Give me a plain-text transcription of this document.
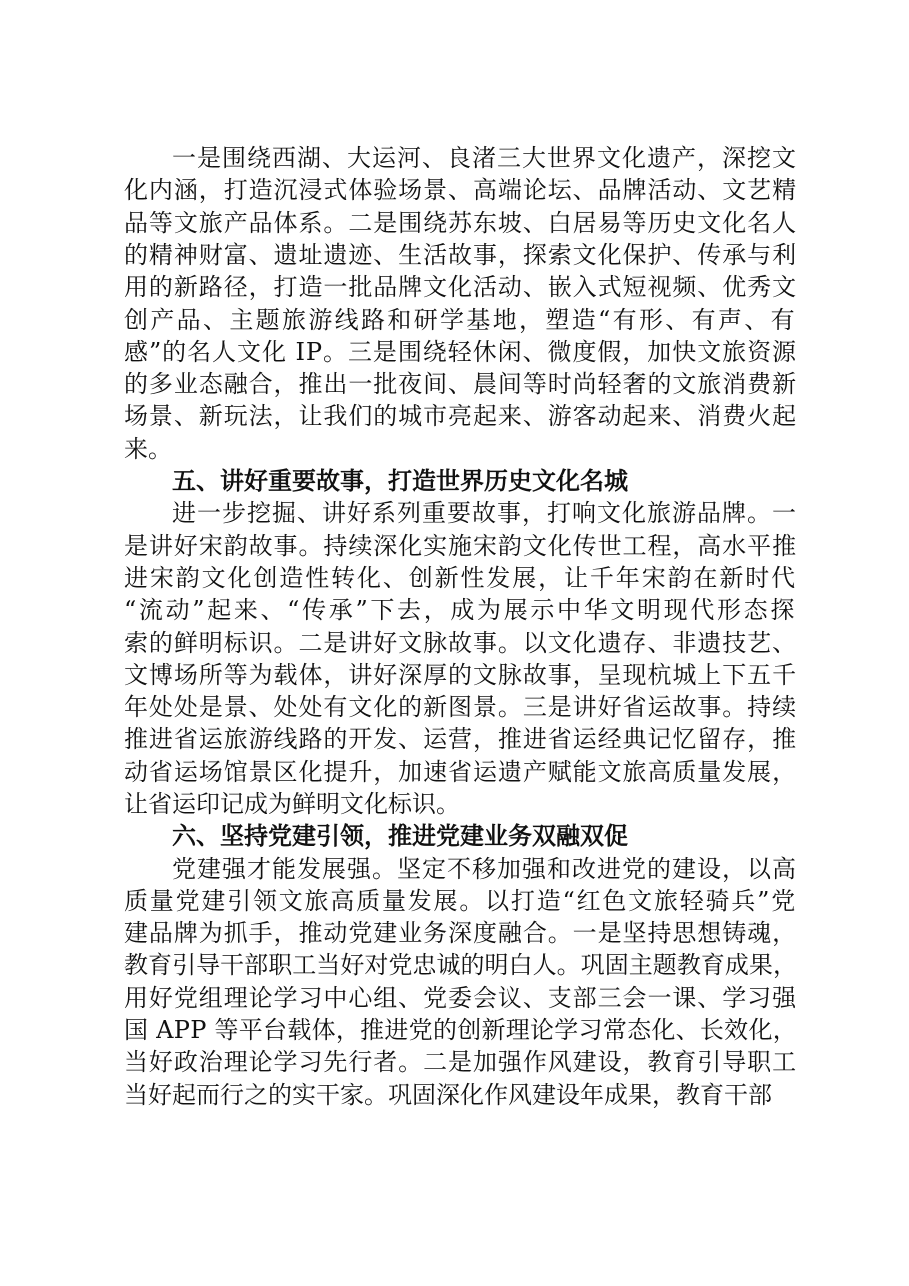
一是围绕西湖、大运河、良渚三大世界文化遗产，深挖文
化内涵，打造沉浸式体验场景、高端论坛、品牌活动、文艺精
品等文旅产品体系。二是围绕苏东坡、白居易等历史文化名人
的精神财富、遗址遗迹、生活故事，探索文化保护、传承与利
用的新路径，打造一批品牌文化活动、嵌入式短视频、优秀文
创产品、主题旅游线路和研学基地，塑造“有形、有声、有
感”的名人文化 IP。三是围绕轻休闲、微度假，加快文旅资源
的多业态融合，推出一批夜间、晨间等时尚轻奢的文旅消费新
场景、新玩法，让我们的城市亮起来、游客动起来、消费火起
来。
五、讲好重要故事，打造世界历史文化名城
进一步挖掘、讲好系列重要故事，打响文化旅游品牌。一
是讲好宋韵故事。持续深化实施宋韵文化传世工程，高水平推
进宋韵文化创造性转化、创新性发展，让千年宋韵在新时代
“流动”起来、“传承”下去，成为展示中华文明现代形态探
索的鲜明标识。二是讲好文脉故事。以文化遗存、非遗技艺、
文博场所等为载体，讲好深厚的文脉故事，呈现杭城上下五千
年处处是景、处处有文化的新图景。三是讲好省运故事。持续
推进省运旅游线路的开发、运营，推进省运经典记忆留存，推
动省运场馆景区化提升，加速省运遗产赋能文旅高质量发展，
让省运印记成为鲜明文化标识。
六、坚持党建引领，推进党建业务双融双促
党建强才能发展强。坚定不移加强和改进党的建设，以高
质量党建引领文旅高质量发展。以打造“红色文旅轻骑兵”党
建品牌为抓手，推动党建业务深度融合。一是坚持思想铸魂，
教育引导干部职工当好对党忠诚的明白人。巩固主题教育成果，
用好党组理论学习中心组、党委会议、支部三会一课、学习强
国 APP 等平台载体，推进党的创新理论学习常态化、长效化，
当好政治理论学习先行者。二是加强作风建设，教育引导职工
当好起而行之的实干家。巩固深化作风建设年成果，教育干部
